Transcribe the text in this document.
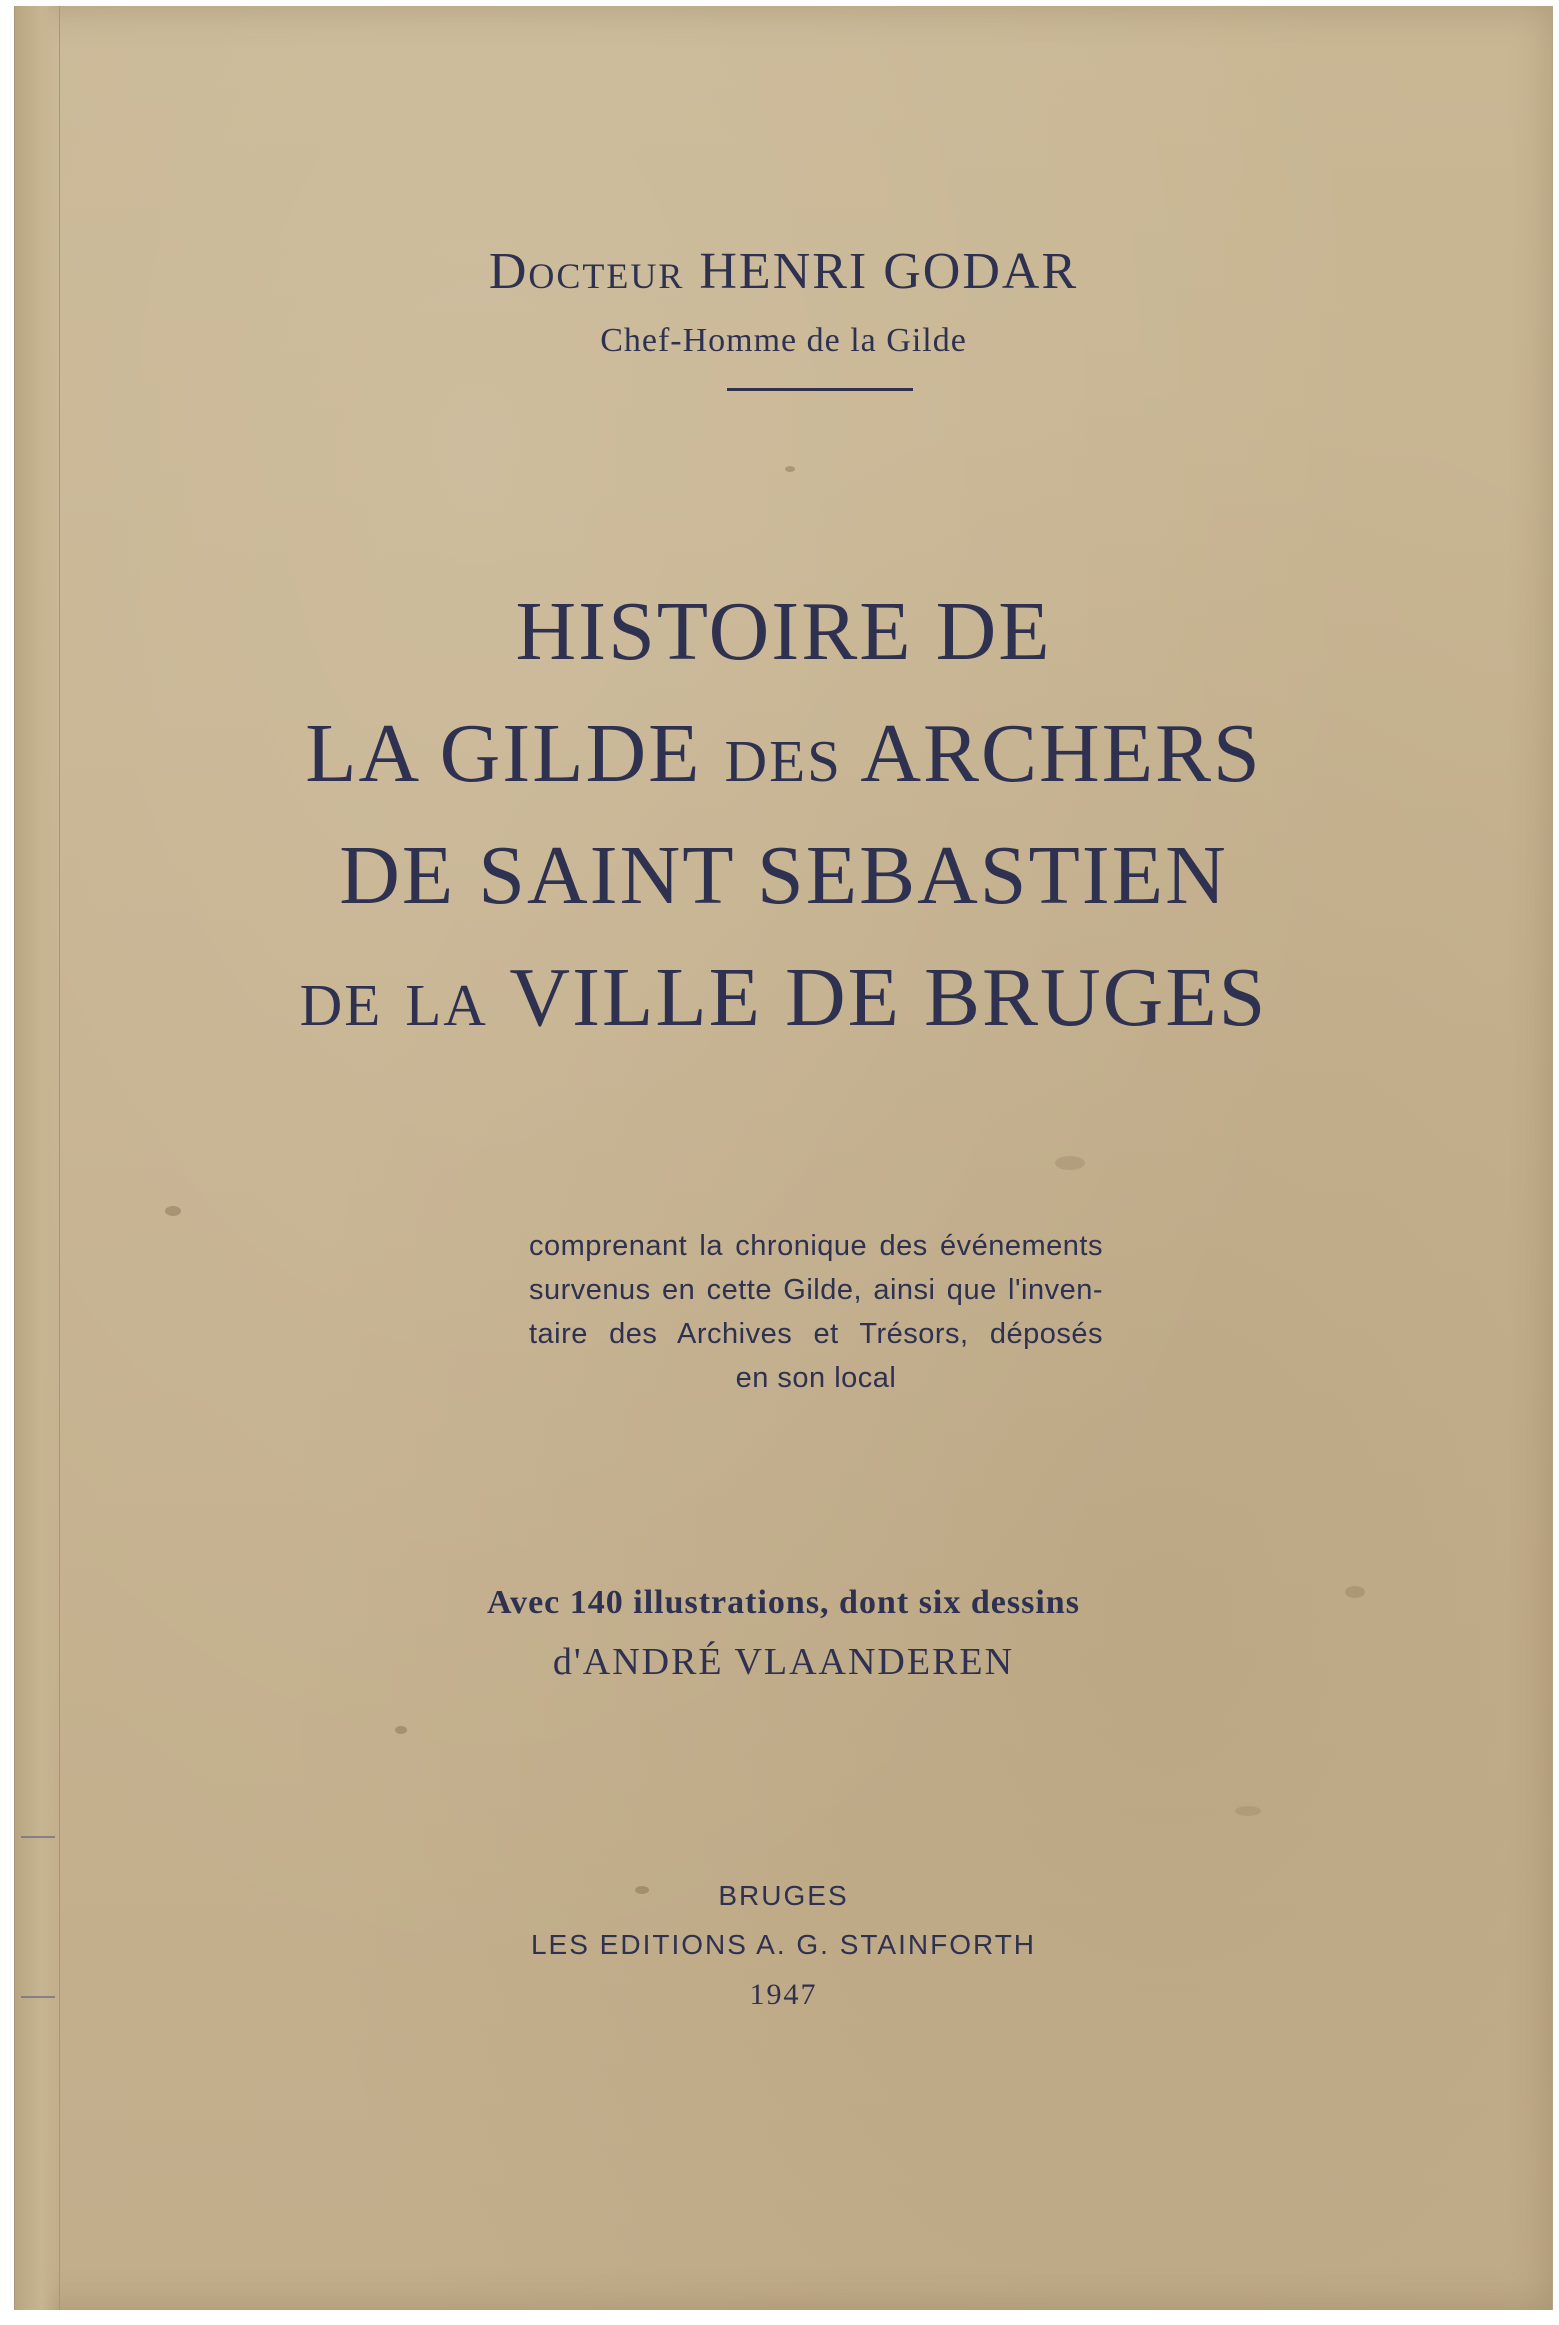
Docteur HENRI GODAR
Chef-Homme de la Gilde
HISTOIRE DE
LA GILDE des ARCHERS
DE SAINT SEBASTIEN
de la VILLE DE BRUGES
comprenant la chronique des événements
survenus en cette Gilde, ainsi que l'inven-
taire des Archives et Trésors, déposés
en son local
Avec 140 illustrations, dont six dessins
d'ANDRÉ VLAANDEREN
BRUGES
LES EDITIONS A. G. STAINFORTH
1947
